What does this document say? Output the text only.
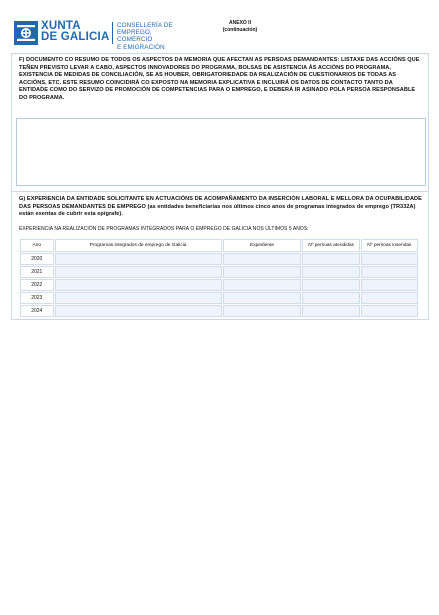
XUNTA
DE GALICIA
CONSELLERÍA DE
EMPREGO, COMERCIO
E EMIGRACIÓN
ANEXO II
(continuación)
F) DOCUMENTO CO RESUMO DE TODOS OS ASPECTOS DA MEMORIA QUE AFECTAN AS PERSOAS DEMANDANTES: LISTAXE DAS ACCIÓNS QUE TEÑEN PREVISTO LEVAR A CABO, ASPECTOS INNOVADORES DO PROGRAMA, BOLSAS DE ASISTENCIA ÁS ACCIÓNS DO PROGRAMA, EXISTENCIA DE MEDIDAS DE CONCILIACIÓN, SE AS HOUBER, OBRIGATORIEDADE DA REALIZACIÓN DE CUESTIONARIOS DE TODAS AS ACCIÓNS, ETC. ESTE RESUMO COINCIDIRÁ CO EXPOSTO NA MEMORIA EXPLICATIVA E INCLUIRÁ OS DATOS DE CONTACTO TANTO DA ENTIDADE COMO DO SERVIZO DE PROMOCIÓN DE COMPETENCIAS PARA O EMPREGO, E DEBERÁ IR ASINADO POLA PERSOA RESPONSABLE DO PROGRAMA.
G) EXPERIENCIA DA ENTIDADE SOLICITANTE EN ACTUACIÓNS DE ACOMPAÑAMENTO DA INSERCIÓN LABORAL E MELLORA DA OCUPABILIDADE DAS PERSOAS DEMANDANTES DE EMPREGO (as entidades beneficiarias nos últimos cinco anos de programas integrados de emprego (TR332A) están exentas de cubrir esta epígrafe).
EXPERIENCIA NA REALIZACIÓN DE PROGRAMAS INTEGRADOS PARA O EMPREGO DE GALICIA NOS ÚLTIMOS 5 ANOS:
Ano	Programas integrados de emprego de Galicia	Expediente	Nº persoas atendidas	Nº persoas inseridas
2020				
2021				
2022				
2023				
2024				
